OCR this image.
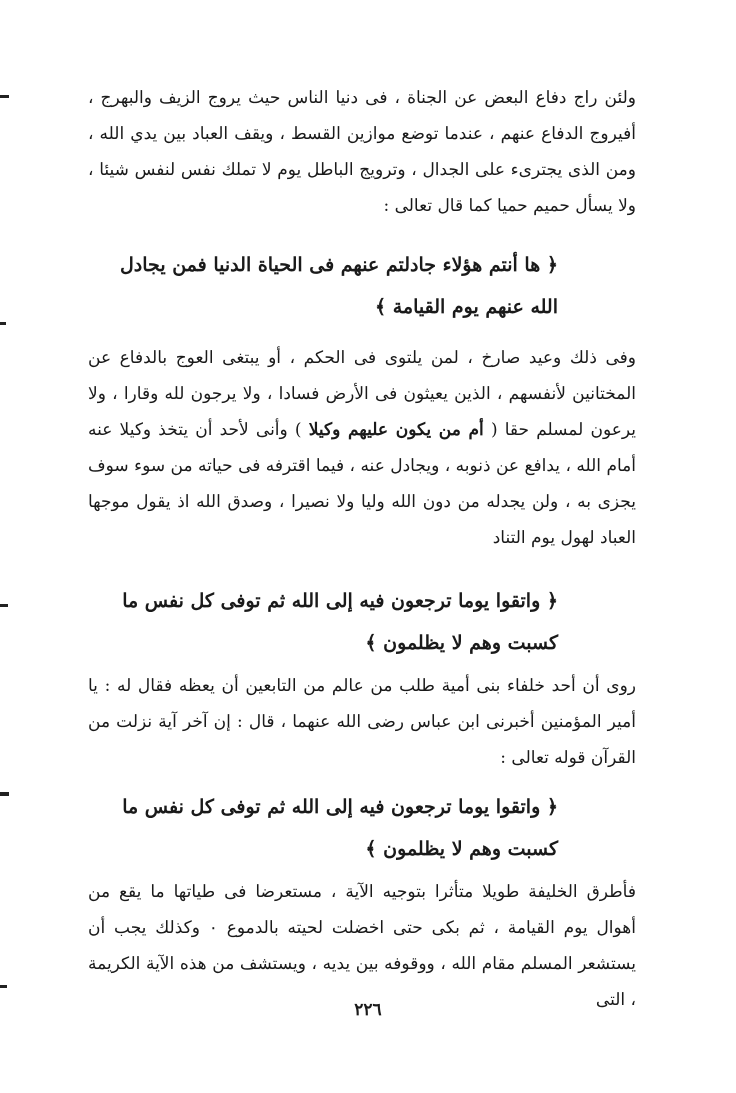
ولئن راج دفاع البعض عن الجناة ، فى دنيا الناس حيث يروج الزيف والبهرج ، أفيروج الدفاع عنهم ، عندما توضع موازين القسط ، ويقف العباد بين يدي الله ، ومن الذى يجترىء على الجدال ، وترويج الباطل يوم لا تملك نفس لنفس شيئا ، ولا يسأل حميم حميا كما قال تعالى :

﴿ ها أنتم هؤلاء جادلتم عنهم فى الحياة الدنيا فمن يجادل الله عنهم يوم القيامة ﴾

وفى ذلك وعيد صارخ ، لمن يلتوى فى الحكم ، أو يبتغى العوج بالدفاع عن المختانين لأنفسهم ، الذين يعيثون فى الأرض فسادا ، ولا يرجون لله وقارا ، ولا يرعون لمسلم حقا ( أم من يكون عليهم وكيلا ) وأنى لأحد أن يتخذ وكيلا عنه أمام الله ، يدافع عن ذنوبه ، ويجادل عنه ، فيما اقترفه فى حياته من سوء سوف يجزى به ، ولن يجدله من دون الله وليا ولا نصيرا ، وصدق الله اذ يقول موجها العباد لهول يوم التناد

﴿ واتقوا يوما ترجعون فيه إلى الله ثم توفى كل نفس ما كسبت وهم لا يظلمون ﴾

روى أن أحد خلفاء بنى أمية طلب من عالم من التابعين أن يعظه فقال له : يا أمير المؤمنين أخبرنى ابن عباس رضى الله عنهما ، قال : إن آخر آية نزلت من القرآن قوله تعالى :

﴿ واتقوا يوما ترجعون فيه إلى الله ثم توفى كل نفس ما كسبت وهم لا يظلمون ﴾

فأطرق الخليفة طويلا متأثرا بتوجيه الآية ، مستعرضا فى طياتها ما يقع من أهوال يوم القيامة ، ثم بكى حتى اخضلت لحيته بالدموع ٠ وكذلك يجب أن يستشعر المسلم مقام الله ، ووقوفه بين يديه ، ويستشف من هذه الآية الكريمة ، التى

٢٢٦
